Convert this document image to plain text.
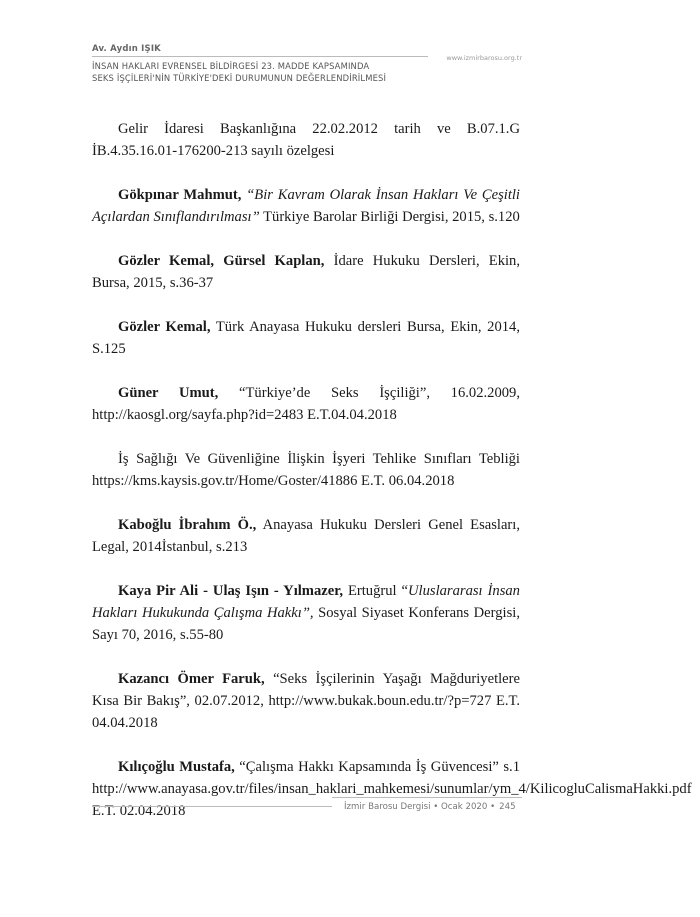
Av. Aydın IŞIK
www.izmirbarosu.org.tr
İNSAN HAKLARI EVRENSEL BİLDİRGESİ 23. MADDE KAPSAMINDA
SEKS İŞÇİLERİ'NİN TÜRKİYE'DEKİ DURUMUNUN DEĞERLENDİRİLMESİ

Gelir İdaresi Başkanlığına 22.02.2012 tarih ve B.07.1.G İB.4.35.16.01-176200-213 sayılı özelgesi

Gökpınar Mahmut, “Bir Kavram Olarak İnsan Hakları Ve Çeşitli Açılardan Sınıflandırılması” Türkiye Barolar Birliği Dergisi, 2015, s.120

Gözler Kemal, Gürsel Kaplan, İdare Hukuku Dersleri, Ekin, Bursa, 2015, s.36-37

Gözler Kemal, Türk Anayasa Hukuku dersleri Bursa, Ekin, 2014, S.125

Güner Umut, “Türkiye’de Seks İşçiliği”, 16.02.2009, http://kaosgl.org/sayfa.php?id=2483 E.T.04.04.2018

İş Sağlığı Ve Güvenliğine İlişkin İşyeri Tehlike Sınıfları Tebliği https://kms.kaysis.gov.tr/Home/Goster/41886 E.T. 06.04.2018

Kaboğlu İbrahım Ö., Anayasa Hukuku Dersleri Genel Esasları, Legal, 2014İstanbul, s.213

Kaya Pir Ali - Ulaş Işın - Yılmazer, Ertuğrul “Uluslararası İnsan Hakları Hukukunda Çalışma Hakkı”, Sosyal Siyaset Konferans Dergisi, Sayı 70, 2016, s.55-80

Kazancı Ömer Faruk, “Seks İşçilerinin Yaşağı Mağduriyetlere Kısa Bir Bakış”, 02.07.2012, http://www.bukak.boun.edu.tr/?p=727 E.T. 04.04.2018

Kılıçoğlu Mustafa, “Çalışma Hakkı Kapsamında İş Güvencesi” s.1 http://www.anayasa.gov.tr/files/insan_haklari_mahkemesi/sunumlar/ym_4/KilicogluCalismaHakki.pdf E.T. 02.04.2018	İzmir Barosu Dergisi • Ocak 2020 • 245
